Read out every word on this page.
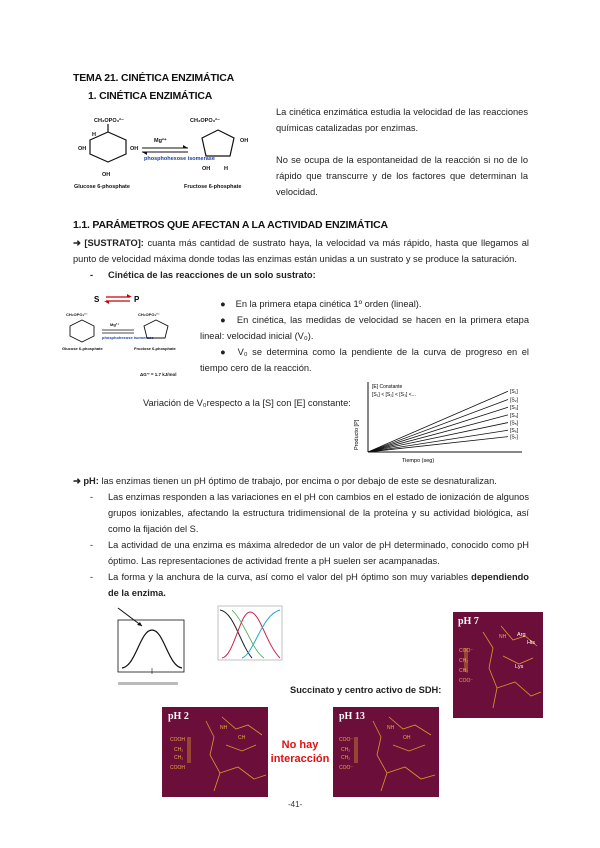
TEMA 21. CINÉTICA ENZIMÁTICA
1. CINÉTICA ENZIMÁTICA
CH₂OPO₃²⁻
OH	OH
OH
H
Glucose 6-phosphate
Mg²⁺
phosphohexose isomerase
CH₂OPO₃²⁻
OH
OH	H
Fructose 6-phosphate
La cinética enzimática estudia la velocidad de las reacciones químicas catalizadas por enzimas.
No se ocupa de la espontaneidad de la reacción si no de lo rápido que transcurre y de los factores que determinan la velocidad.
1.1. PARÁMETROS QUE AFECTAN A LA ACTIVIDAD ENZIMÁTICA
➜ [SUSTRATO]: cuanta más cantidad de sustrato haya, la velocidad va más rápido, hasta que llegamos al punto de velocidad máxima donde todas las enzimas están unidas a un sustrato y se produce la saturación.
- Cinética de las reacciones de un solo sustrato:
S	P
CH₂OPO₃²⁻
Glucose 6-phosphate
Mg²⁺
phosphohexose isomerase
CH₂OPO₃²⁻
Fructose 6-phosphate
ΔG'° = 1.7 kJ/mol
● En la primera etapa cinética 1º orden (lineal).
● En cinética, las medidas de velocidad se hacen en la primera etapa lineal: velocidad inicial (V₀).
● V₀ se determina como la pendiente de la curva de progreso en el tiempo cero de la reacción.
Variación de V₀respecto a la [S] con [E] constante:
Producto [P]
Tiempo (seg)
[E] Constante
[S₁] < [S₂] < [S₃] <...	[S₁]
[S₂]
[S₃]
[S₄]
[S₅]
[S₆]
[S₇]
➜ pH: las enzimas tienen un pH óptimo de trabajo, por encima o por debajo de este se desnaturalizan.
- Las enzimas responden a las variaciones en el pH con cambios en el estado de ionización de algunos grupos ionizables, afectando la estructura tridimensional de la proteína y su actividad biológica, así como la fijación del S.
- La actividad de una enzima es máxima alrededor de un valor de pH determinado, conocido como pH óptimo. Las representaciones de actividad frente a pH suelen ser acampanadas.
- La forma y la anchura de la curva, así como el valor del pH óptimo son muy variables dependiendo de la enzima.
Succinato y centro activo de SDH:
pH 7
COO⁻
CH₂
CH₂
COO⁻
NH Arg
His
Lys
pH 2
COOH
CH₂
CH₂
COOH
NH
CH
No hay interacción
pH 13
COO⁻
CH₂
CH₂
COO⁻
NH
OH
-41-
